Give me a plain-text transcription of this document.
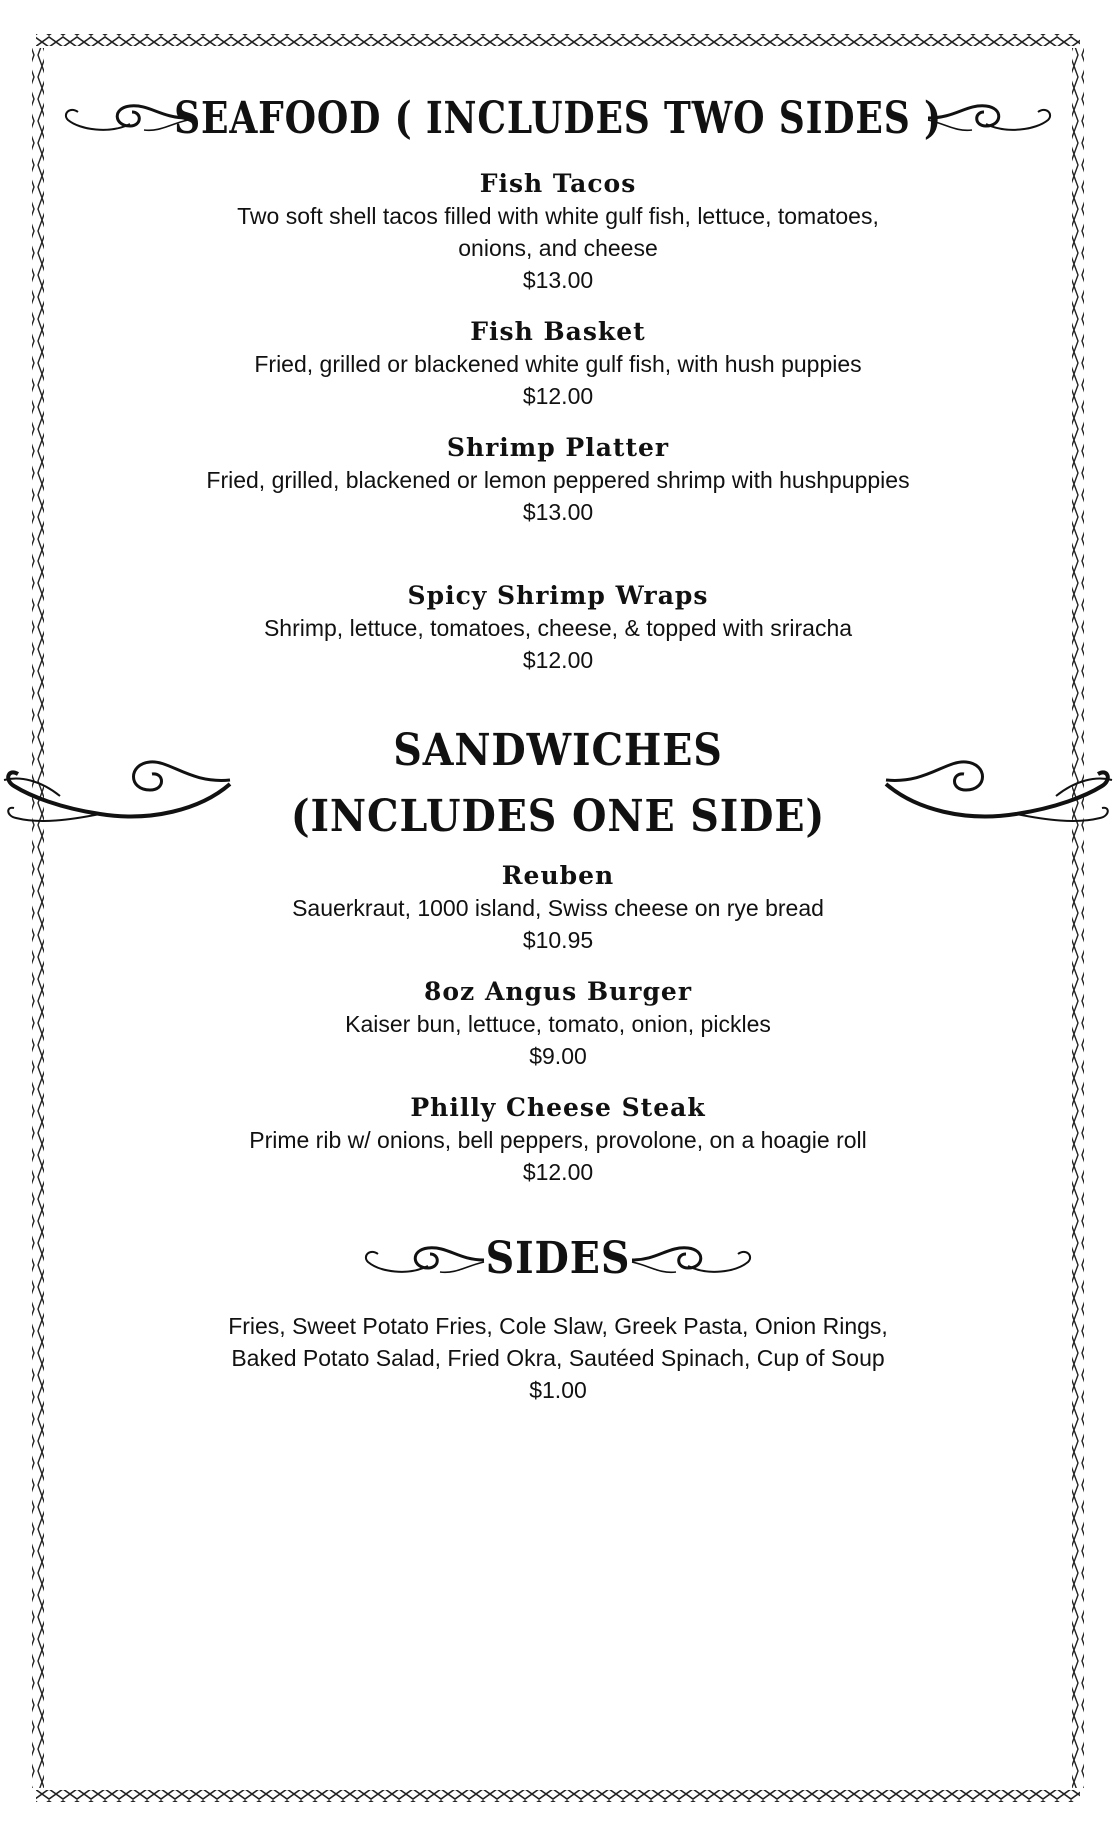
SEAFOOD ( INCLUDES TWO SIDES )
Fish Tacos
Two soft shell tacos filled with white gulf fish, lettuce, tomatoes, onions, and cheese
$13.00
Fish Basket
Fried, grilled or blackened white gulf fish, with hush puppies
$12.00
Shrimp Platter
Fried, grilled, blackened or lemon peppered shrimp with hushpuppies
$13.00
Spicy Shrimp Wraps
Shrimp, lettuce, tomatoes, cheese, & topped with sriracha
$12.00
SANDWICHES (INCLUDES ONE SIDE)
Reuben
Sauerkraut, 1000 island, Swiss cheese on rye bread
$10.95
8oz Angus Burger
Kaiser bun, lettuce, tomato, onion, pickles
$9.00
Philly Cheese Steak
Prime rib w/ onions, bell peppers, provolone, on a hoagie roll
$12.00
SIDES
Fries, Sweet Potato Fries, Cole Slaw, Greek Pasta, Onion Rings, Baked Potato Salad, Fried Okra, Sautéed Spinach, Cup of Soup
$1.00
